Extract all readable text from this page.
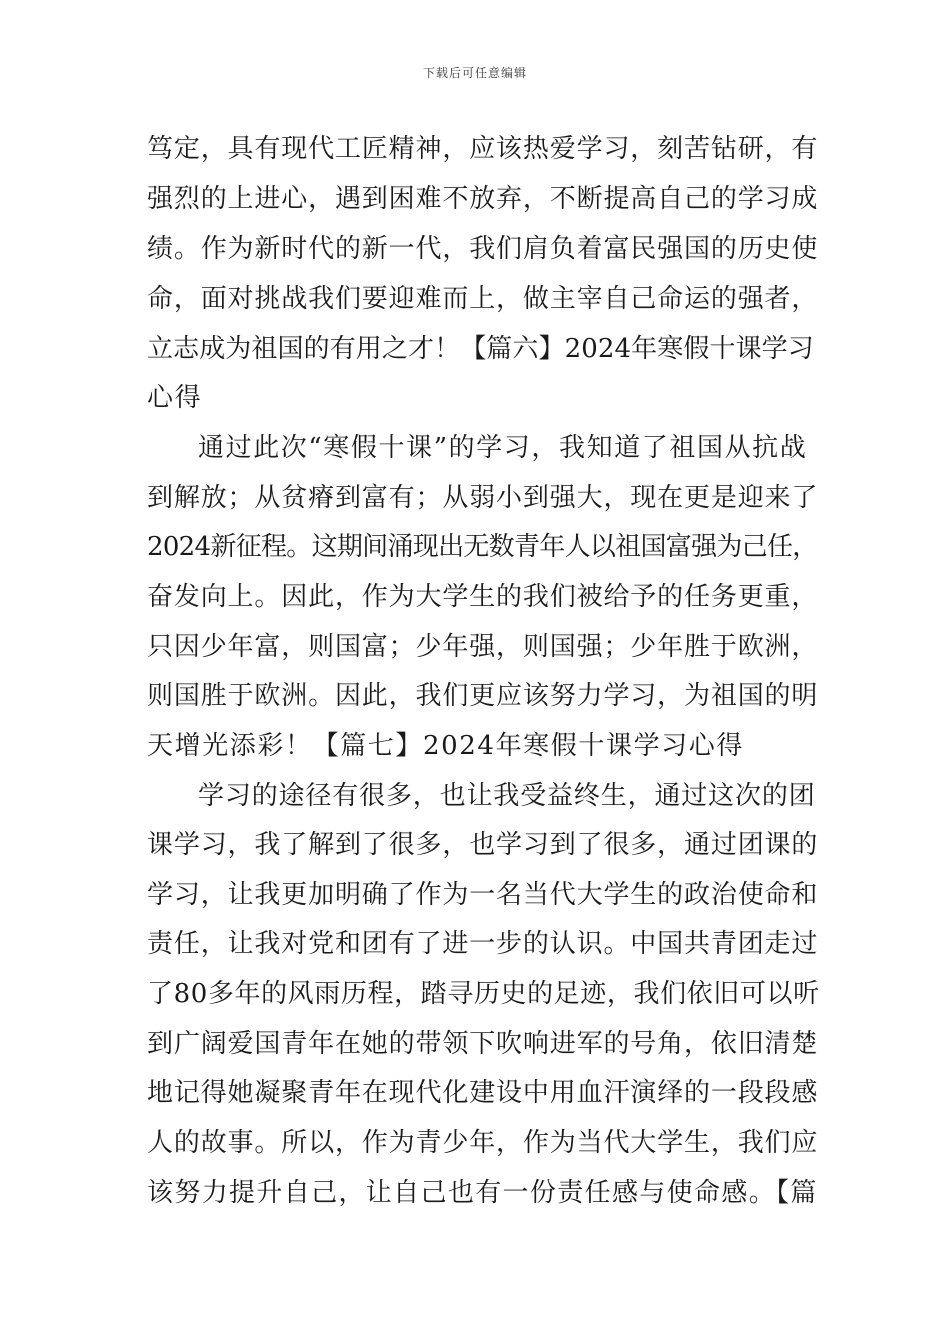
下载后可任意编辑
笃定，具有现代工匠精神，应该热爱学习，刻苦钻研，有
强烈的上进心，遇到困难不放弃，不断提高自己的学习成
绩。作为新时代的新一代，我们肩负着富民强国的历史使
命，面对挑战我们要迎难而上，做主宰自己命运的强者，
立志成为祖国的有用之才！【篇六】2024年寒假十课学习
心得
通过此次“寒假十课”的学习，我知道了祖国从抗战
到解放；从贫瘠到富有；从弱小到强大，现在更是迎来了
2024新征程。这期间涌现出无数青年人以祖国富强为己任，
奋发向上。因此，作为大学生的我们被给予的任务更重，
只因少年富，则国富；少年强，则国强；少年胜于欧洲，
则国胜于欧洲。因此，我们更应该努力学习，为祖国的明
天增光添彩！【篇七】2024年寒假十课学习心得
学习的途径有很多，也让我受益终生，通过这次的团
课学习，我了解到了很多，也学习到了很多，通过团课的
学习，让我更加明确了作为一名当代大学生的政治使命和
责任，让我对党和团有了进一步的认识。中国共青团走过
了80多年的风雨历程，踏寻历史的足迹，我们依旧可以听
到广阔爱国青年在她的带领下吹响进军的号角，依旧清楚
地记得她凝聚青年在现代化建设中用血汗演绎的一段段感
人的故事。所以，作为青少年，作为当代大学生，我们应
该努力提升自己，让自己也有一份责任感与使命感。【篇
